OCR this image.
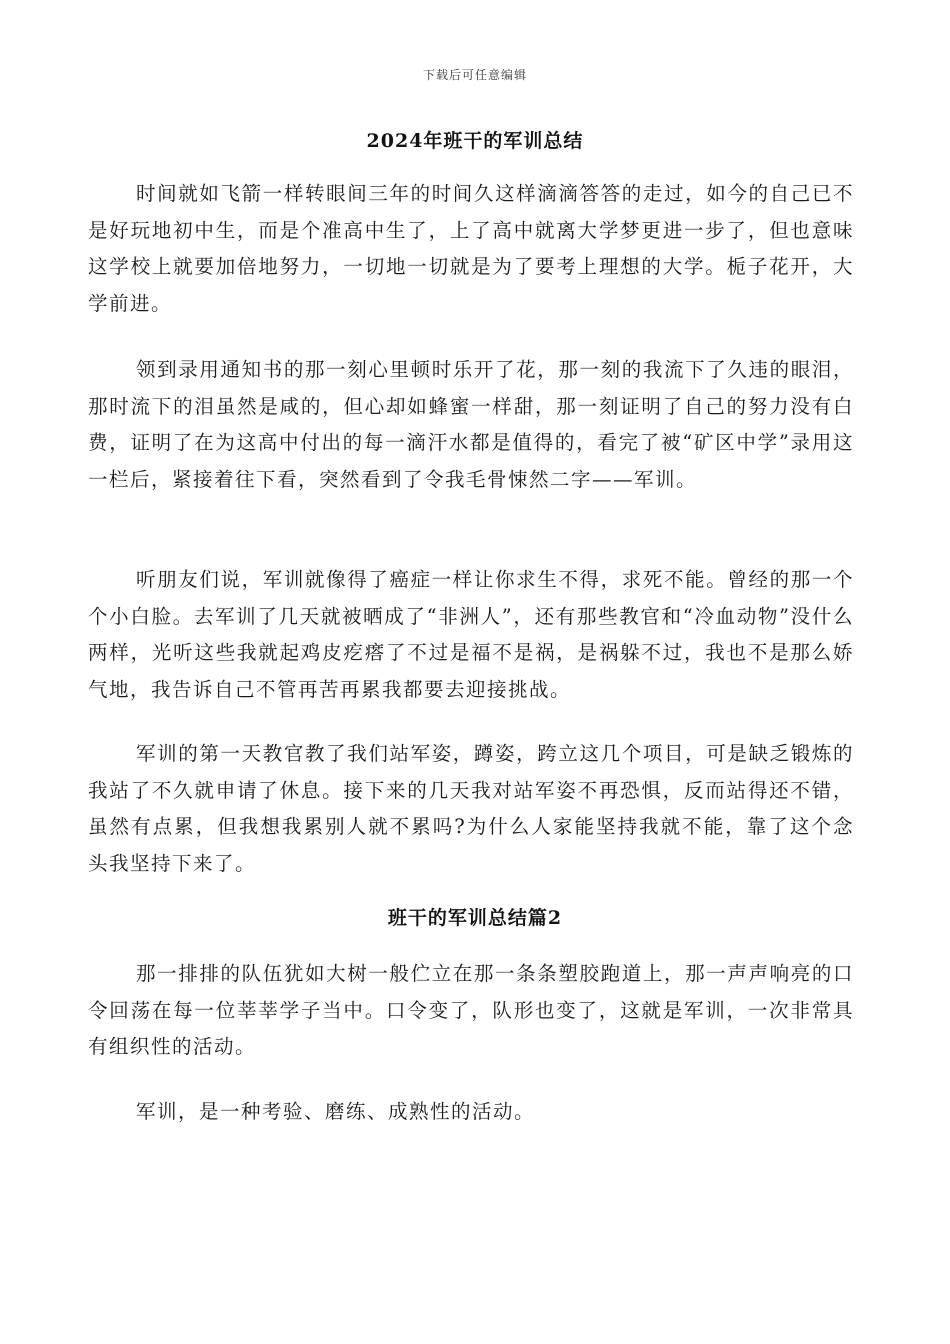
下载后可任意编辑
2024年班干的军训总结

时间就如飞箭一样转眼间三年的时间久这样滴滴答答的走过，如今的自己已不是好玩地初中生，而是个准高中生了，上了高中就离大学梦更进一步了，但也意味这学校上就要加倍地努力，一切地一切就是为了要考上理想的大学。栀子花开，大学前进。

领到录用通知书的那一刻心里顿时乐开了花，那一刻的我流下了久违的眼泪，那时流下的泪虽然是咸的，但心却如蜂蜜一样甜，那一刻证明了自己的努力没有白费，证明了在为这高中付出的每一滴汗水都是值得的，看完了被“矿区中学”录用这一栏后，紧接着往下看，突然看到了令我毛骨悚然二字——军训。

听朋友们说，军训就像得了癌症一样让你求生不得，求死不能。曾经的那一个个小白脸。去军训了几天就被晒成了“非洲人”，还有那些教官和“冷血动物”没什么两样，光听这些我就起鸡皮疙瘩了不过是福不是祸，是祸躲不过，我也不是那么娇气地，我告诉自己不管再苦再累我都要去迎接挑战。

军训的第一天教官教了我们站军姿，蹲姿，跨立这几个项目，可是缺乏锻炼的我站了不久就申请了休息。接下来的几天我对站军姿不再恐惧，反而站得还不错，虽然有点累，但我想我累别人就不累吗?为什么人家能坚持我就不能，靠了这个念头我坚持下来了。

班干的军训总结篇2

那一排排的队伍犹如大树一般伫立在那一条条塑胶跑道上，那一声声响亮的口令回荡在每一位莘莘学子当中。口令变了，队形也变了，这就是军训，一次非常具有组织性的活动。

军训，是一种考验、磨练、成熟性的活动。
